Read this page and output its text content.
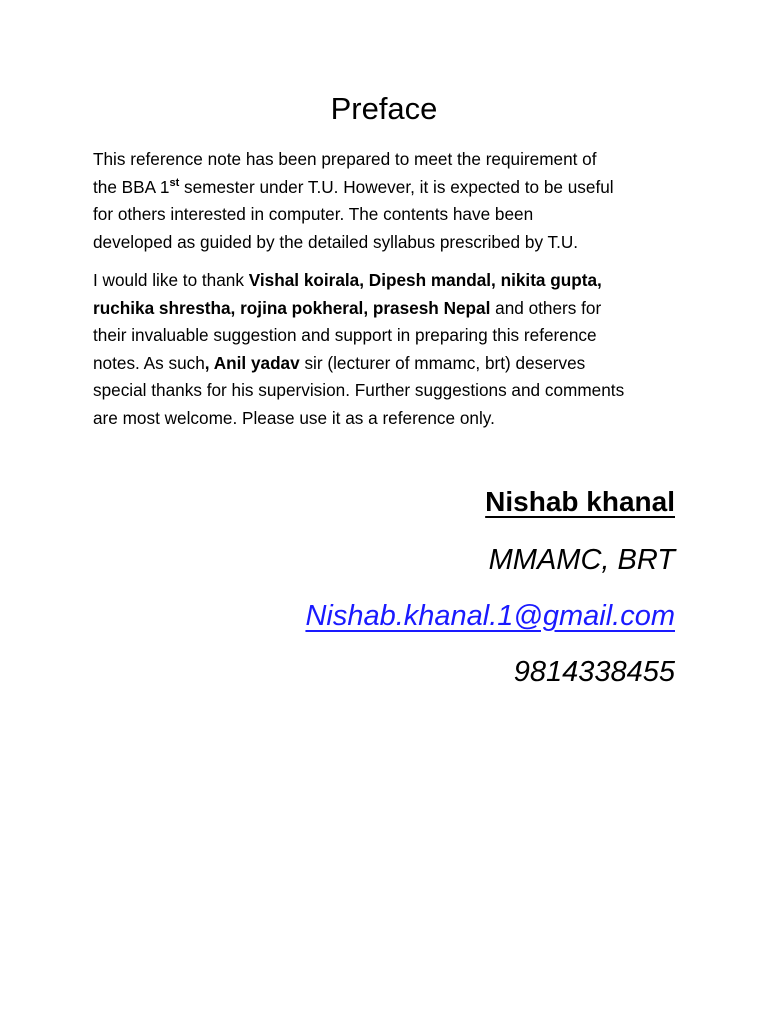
Preface

This reference note has been prepared to meet the requirement of
the BBA 1st semester under T.U. However, it is expected to be useful
for others interested in computer. The contents have been
developed as guided by the detailed syllabus prescribed by T.U.

I would like to thank Vishal koirala, Dipesh mandal, nikita gupta,
ruchika shrestha, rojina pokheral, prasesh Nepal and others for
their invaluable suggestion and support in preparing this reference
notes. As such, Anil yadav sir (lecturer of mmamc, brt) deserves
special thanks for his supervision. Further suggestions and comments
are most welcome. Please use it as a reference only.

Nishab khanal
MMAMC, BRT
Nishab.khanal.1@gmail.com
9814338455
